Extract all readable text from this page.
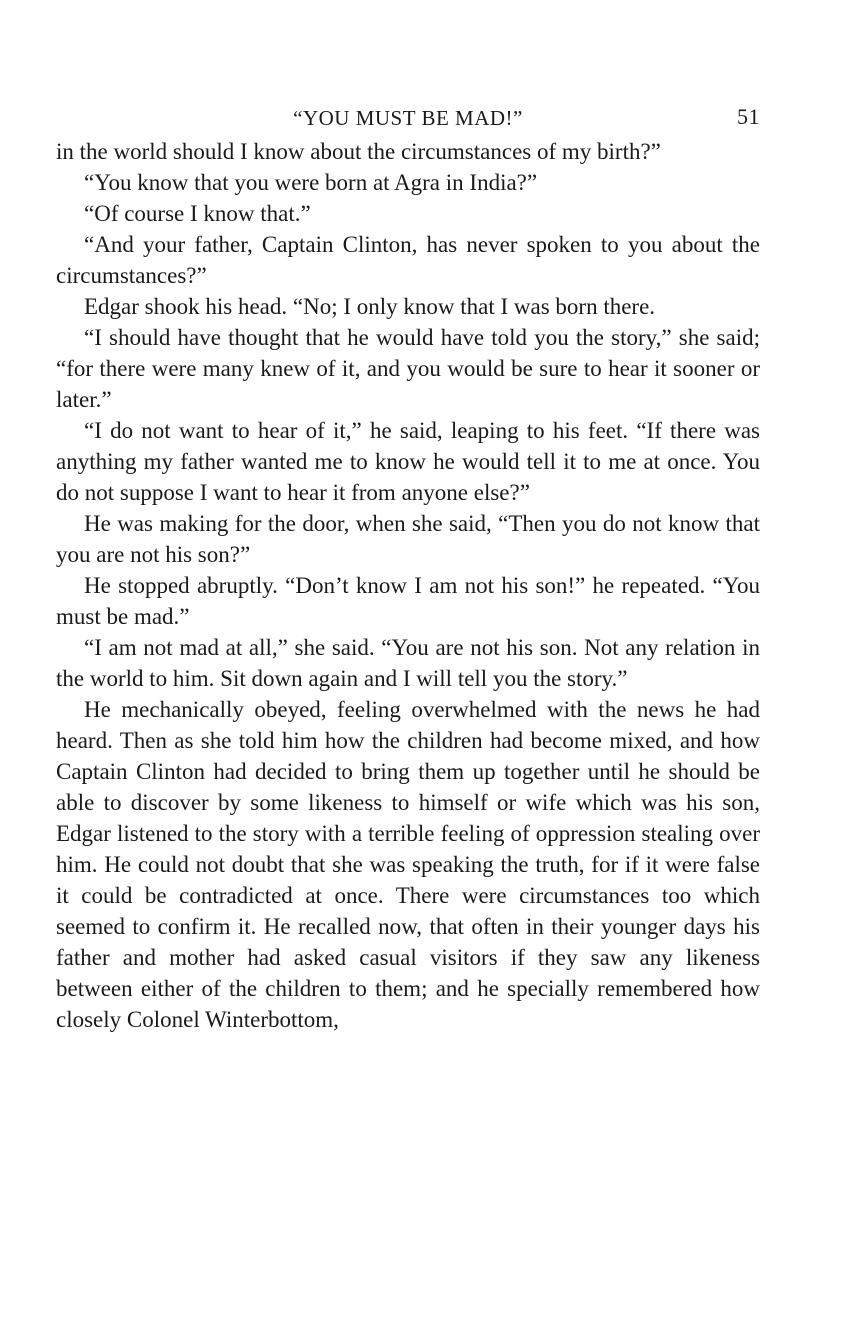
“YOU MUST BE MAD!”	51

in the world should I know about the circumstances of my birth?”

“You know that you were born at Agra in India?”

“Of course I know that.”

“And your father, Captain Clinton, has never spoken to you about the circumstances?”

Edgar shook his head. “No; I only know that I was born there.

“I should have thought that he would have told you the story,” she said; “for there were many knew of it, and you would be sure to hear it sooner or later.”

“I do not want to hear of it,” he said, leaping to his feet. “If there was anything my father wanted me to know he would tell it to me at once. You do not suppose I want to hear it from anyone else?”

He was making for the door, when she said, “Then you do not know that you are not his son?”

He stopped abruptly. “Don’t know I am not his son!” he repeated. “You must be mad.”

“I am not mad at all,” she said. “You are not his son. Not any relation in the world to him. Sit down again and I will tell you the story.”

He mechanically obeyed, feeling overwhelmed with the news he had heard. Then as she told him how the children had become mixed, and how Captain Clinton had decided to bring them up together until he should be able to discover by some likeness to himself or wife which was his son, Edgar listened to the story with a terrible feeling of oppression stealing over him. He could not doubt that she was speaking the truth, for if it were false it could be contradicted at once. There were circumstances too which seemed to confirm it. He recalled now, that often in their younger days his father and mother had asked casual visitors if they saw any likeness between either of the children to them; and he specially remembered how closely Colonel Winterbottom,
